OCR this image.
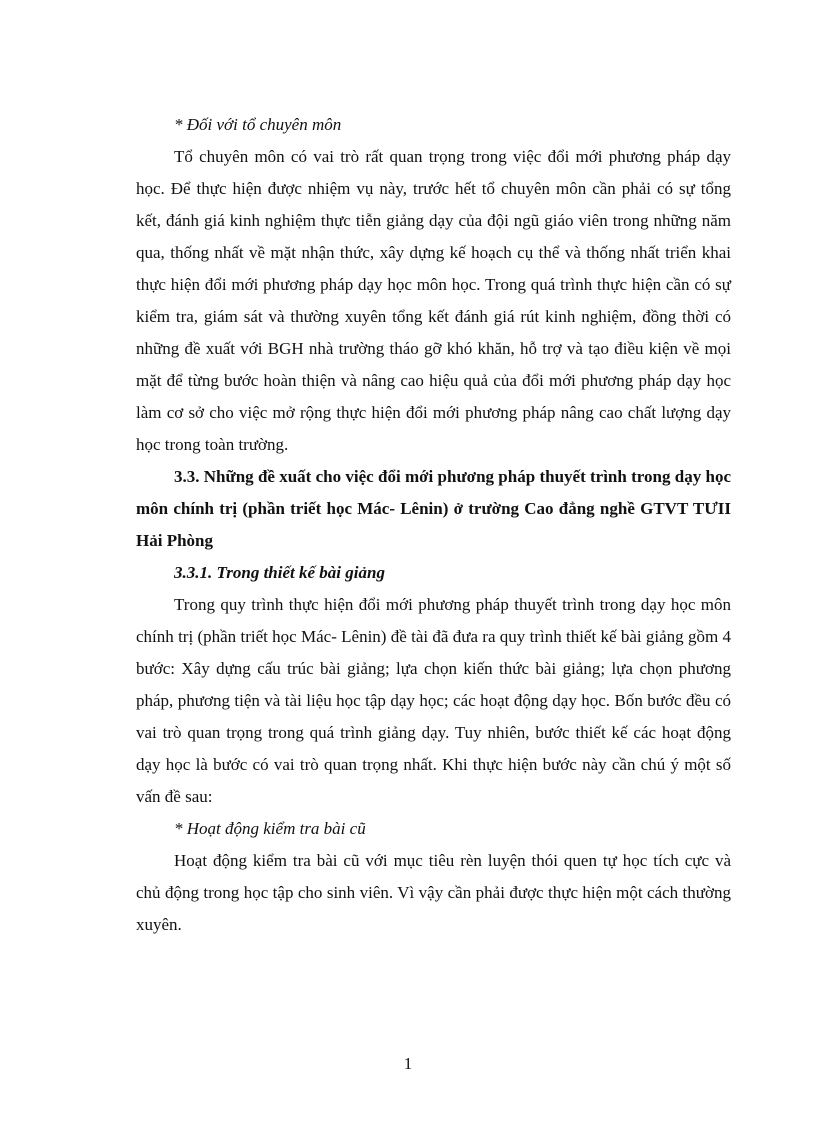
* Đối với tổ chuyên môn

Tổ chuyên môn có vai trò rất quan trọng trong việc đổi mới phương pháp dạy học. Để thực hiện được nhiệm vụ này, trước hết tổ chuyên môn cần phải có sự tổng kết, đánh giá kinh nghiệm thực tiễn giảng dạy của đội ngũ giáo viên trong những năm qua, thống nhất về mặt nhận thức, xây dựng kế hoạch cụ thể và thống nhất triển khai thực hiện đổi mới phương pháp dạy học môn học. Trong quá trình thực hiện cần có sự kiểm tra, giám sát và thường xuyên tổng kết đánh giá rút kinh nghiệm, đồng thời có những đề xuất với BGH nhà trường tháo gỡ khó khăn, hỗ trợ và tạo điều kiện về mọi mặt để từng bước hoàn thiện và nâng cao hiệu quả của đổi mới phương pháp dạy học làm cơ sở cho việc mở rộng thực hiện đổi mới phương pháp nâng cao chất lượng dạy học trong toàn trường.

3.3. Những đề xuất cho việc đổi mới phương pháp thuyết trình trong dạy học môn chính trị (phần triết học Mác- Lênin) ở trường Cao đẳng nghề GTVT TƯII Hải Phòng

3.3.1. Trong thiết kế bài giảng

Trong quy trình thực hiện đổi mới phương pháp thuyết trình trong dạy học môn chính trị (phần triết học Mác- Lênin) đề tài đã đưa ra quy trình thiết kế bài giảng gồm 4 bước: Xây dựng cấu trúc bài giảng; lựa chọn kiến thức bài giảng; lựa chọn phương pháp, phương tiện và tài liệu học tập dạy học; các hoạt động dạy học. Bốn bước đều có vai trò quan trọng trong quá trình giảng dạy. Tuy nhiên, bước thiết kế các hoạt động dạy học là bước có vai trò quan trọng nhất. Khi thực hiện bước này cần chú ý một số vấn đề sau:

* Hoạt động kiểm tra bài cũ

Hoạt động kiểm tra bài cũ với mục tiêu rèn luyện thói quen tự học tích cực và chủ động trong học tập cho sinh viên. Vì vậy cần phải được thực hiện một cách thường xuyên.

1
